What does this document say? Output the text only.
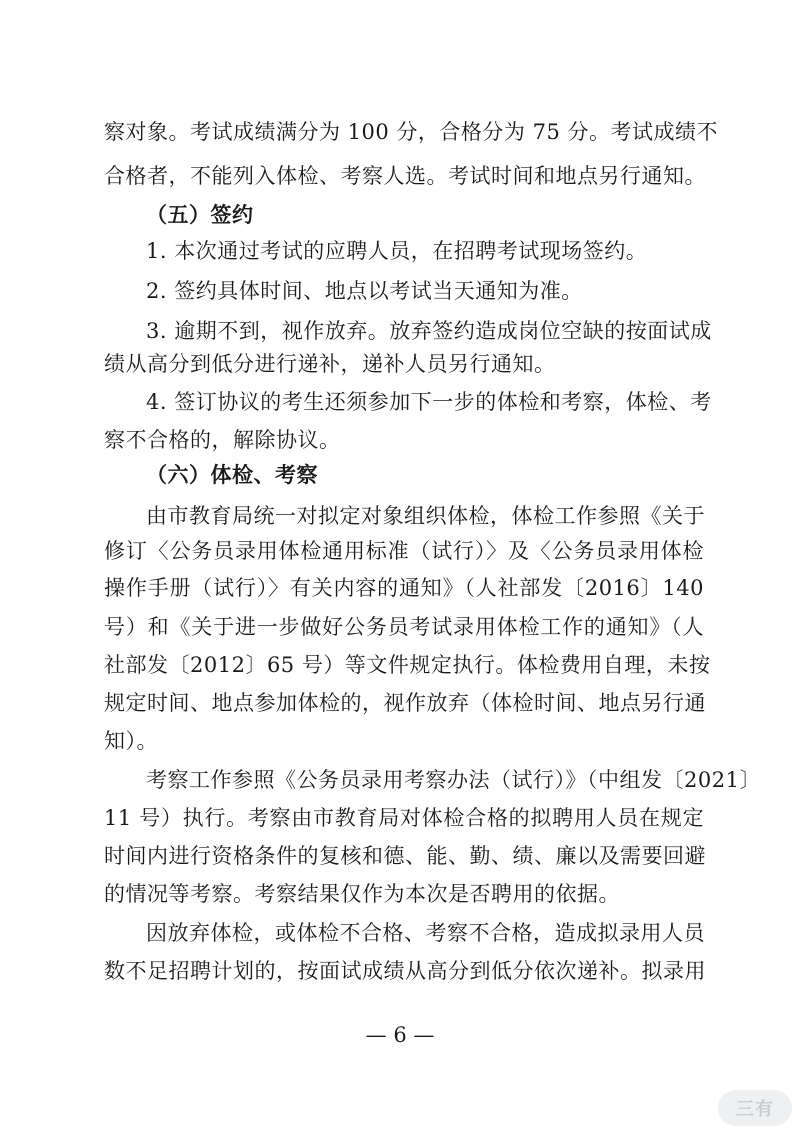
察对象。考试成绩满分为 100 分，合格分为 75 分。考试成绩不
合格者，不能列入体检、考察人选。考试时间和地点另行通知。
（五）签约
1. 本次通过考试的应聘人员，在招聘考试现场签约。
2. 签约具体时间、地点以考试当天通知为准。
3. 逾期不到，视作放弃。放弃签约造成岗位空缺的按面试成
绩从高分到低分进行递补，递补人员另行通知。
4. 签订协议的考生还须参加下一步的体检和考察，体检、考
察不合格的，解除协议。
（六）体检、考察
由市教育局统一对拟定对象组织体检，体检工作参照《关于
修订〈公务员录用体检通用标准（试行）〉及〈公务员录用体检
操作手册（试行）〉有关内容的通知》（人社部发〔2016〕140
号）和《关于进一步做好公务员考试录用体检工作的通知》（人
社部发〔2012〕65 号）等文件规定执行。体检费用自理，未按
规定时间、地点参加体检的，视作放弃（体检时间、地点另行通
知）。
考察工作参照《公务员录用考察办法（试行）》（中组发〔2021〕
11 号）执行。考察由市教育局对体检合格的拟聘用人员在规定
时间内进行资格条件的复核和德、能、勤、绩、廉以及需要回避
的情况等考察。考察结果仅作为本次是否聘用的依据。
因放弃体检，或体检不合格、考察不合格，造成拟录用人员
数不足招聘计划的，按面试成绩从高分到低分依次递补。拟录用
— 6 —
三有
